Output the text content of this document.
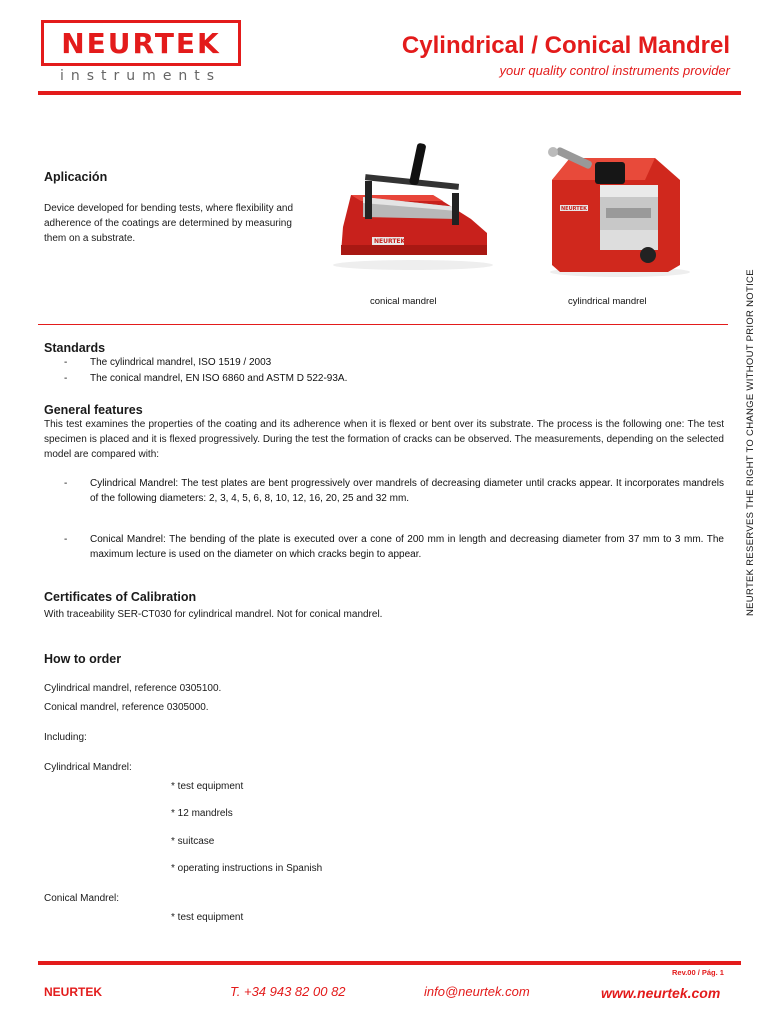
NEURTEK
instruments
Cylindrical / Conical Mandrel
your quality control instruments provider
Aplicación
Device developed for bending tests, where flexibility and adherence of the coatings are determined by measuring them on a substrate.	NEURTEK
NEURTEK
conical mandrel	cylindrical mandrel	NEURTEK RESERVES THE RIGHT TO CHANGE WITHOUT PRIOR NOTICE
Standards
- The cylindrical mandrel, ISO 1519 / 2003
- The conical mandrel, EN ISO 6860 and ASTM D 522-93A.
General features
This test examines the properties of the coating and its adherence when it is flexed or bent over its substrate. The process is the following one: The test specimen is placed and it is flexed progressively. During the test the formation of cracks can be observed. The measurements, depending on the selected model are compared with:
- Cylindrical Mandrel: The test plates are bent progressively over mandrels of decreasing diameter until cracks appear. It incorporates mandrels of the following diameters: 2, 3, 4, 5, 6, 8, 10, 12, 16, 20, 25 and 32 mm.
- Conical Mandrel: The bending of the plate is executed over a cone of 200 mm in length and decreasing diameter from 37 mm to 3 mm. The maximum lecture is used on the diameter on which cracks begin to appear.
Certificates of Calibration
With traceability SER-CT030 for cylindrical mandrel. Not for conical mandrel.
How to order
Cylindrical mandrel, reference 0305100.
Conical mandrel, reference 0305000.
Including:
Cylindrical Mandrel:
* test equipment
* 12 mandrels
* suitcase
* operating instructions in Spanish
Conical Mandrel:
* test equipment
Rev.00 / Pág. 1
NEURTEK	T. +34 943 82 00 82	info@neurtek.com	www.neurtek.com
